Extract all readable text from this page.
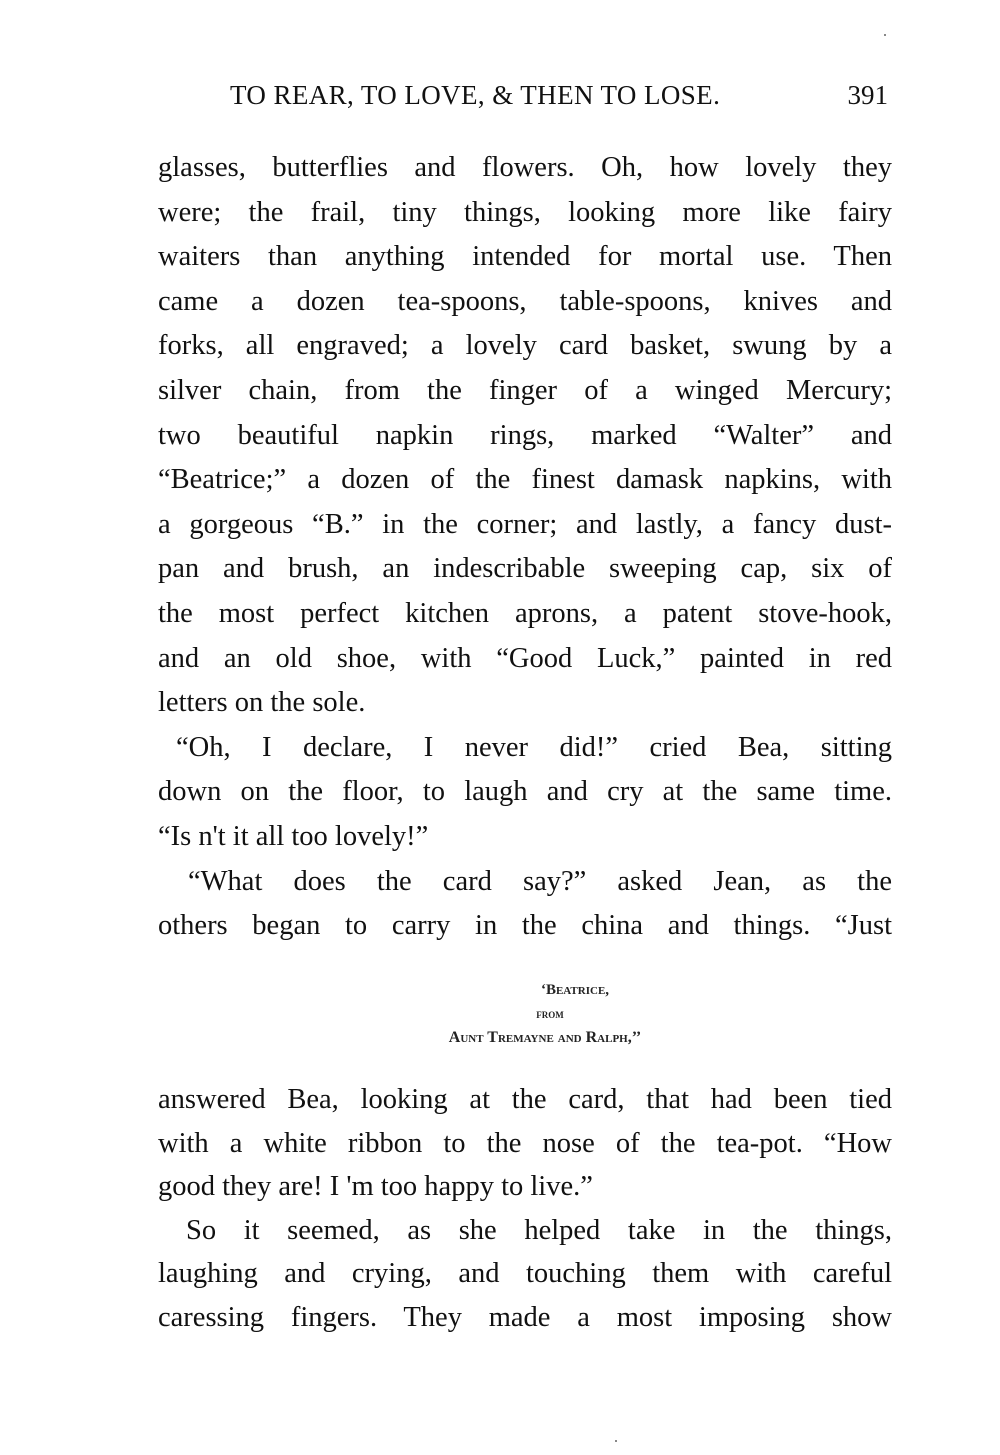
TO REAR, TO LOVE, & THEN TO LOSE.	391
glasses, butterflies and flowers. Oh, how lovely they
were; the frail, tiny things, looking more like fairy
waiters than anything intended for mortal use. Then
came a dozen tea-spoons, table-spoons, knives and
forks, all engraved; a lovely card basket, swung by a
silver chain, from the finger of a winged Mercury;
two beautiful napkin rings, marked “Walter” and
“Beatrice;” a dozen of the finest damask napkins, with
a gorgeous “B.” in the corner; and lastly, a fancy dust-
pan and brush, an indescribable sweeping cap, six of
the most perfect kitchen aprons, a patent stove-hook,
and an old shoe, with “Good Luck,” painted in red
letters on the sole.
“Oh, I declare, I never did!” cried Bea, sitting
down on the floor, to laugh and cry at the same time.
“Is n't it all too lovely!”
“What does the card say?” asked Jean, as the
others began to carry in the china and things. “Just
‘Beatrice,
from
Aunt Tremayne and Ralph,’’
answered Bea, looking at the card, that had been tied
with a white ribbon to the nose of the tea-pot. “How
good they are! I 'm too happy to live.”
So it seemed, as she helped take in the things,
laughing and crying, and touching them with careful
caressing fingers. They made a most imposing show
